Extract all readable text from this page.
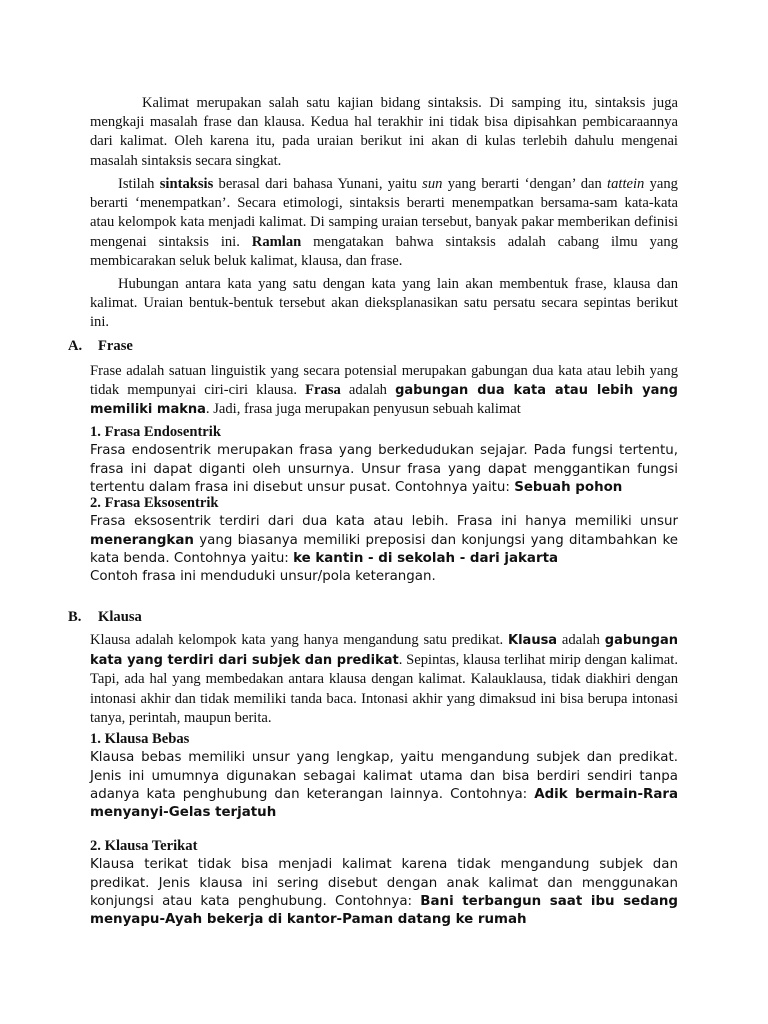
Kalimat merupakan salah satu kajian bidang sintaksis. Di samping itu, sintaksis juga mengkaji masalah frase dan klausa. Kedua hal terakhir ini tidak bisa dipisahkan pembicaraannya dari kalimat. Oleh karena itu, pada uraian berikut ini akan di kulas terlebih dahulu mengenai masalah sintaksis secara singkat.

Istilah sintaksis berasal dari bahasa Yunani, yaitu sun yang berarti ‘dengan’ dan tattein yang berarti ‘menempatkan’. Secara etimologi, sintaksis berarti menempatkan bersama-sam kata-kata atau kelompok kata menjadi kalimat. Di samping uraian tersebut, banyak pakar memberikan definisi mengenai sintaksis ini. Ramlan mengatakan bahwa sintaksis adalah cabang ilmu yang membicarakan seluk beluk kalimat, klausa, dan frase.

Hubungan antara kata yang satu dengan kata yang lain akan membentuk frase, klausa dan kalimat. Uraian bentuk-bentuk tersebut akan dieksplanasikan satu persatu secara sepintas berikut ini.

A. Frase

Frase adalah satuan linguistik yang secara potensial merupakan gabungan dua kata atau lebih yang tidak mempunyai ciri-ciri klausa. Frasa adalah gabungan dua kata atau lebih yang memiliki makna. Jadi, frasa juga merupakan penyusun sebuah kalimat

1. Frasa Endosentrik
Frasa endosentrik merupakan frasa yang berkedudukan sejajar. Pada fungsi tertentu, frasa ini dapat diganti oleh unsurnya. Unsur frasa yang dapat menggantikan fungsi tertentu dalam frasa ini disebut unsur pusat. Contohnya yaitu: Sebuah pohon
2. Frasa Eksosentrik
Frasa eksosentrik terdiri dari dua kata atau lebih. Frasa ini hanya memiliki unsur menerangkan yang biasanya memiliki preposisi dan konjungsi yang ditambahkan ke kata benda. Contohnya yaitu: ke kantin - di sekolah - dari jakarta
Contoh frasa ini menduduki unsur/pola keterangan.
B. Klausa

Klausa adalah kelompok kata yang hanya mengandung satu predikat. Klausa adalah gabungan kata yang terdiri dari subjek dan predikat. Sepintas, klausa terlihat mirip dengan kalimat. Tapi, ada hal yang membedakan antara klausa dengan kalimat. Kalauklausa, tidak diakhiri dengan intonasi akhir dan tidak memiliki tanda baca. Intonasi akhir yang dimaksud ini bisa berupa intonasi tanya, perintah, maupun berita.

1. Klausa Bebas
Klausa bebas memiliki unsur yang lengkap, yaitu mengandung subjek dan predikat. Jenis ini umumnya digunakan sebagai kalimat utama dan bisa berdiri sendiri tanpa adanya kata penghubung dan keterangan lainnya. Contohnya: Adik bermain-Rara menyanyi-Gelas terjatuh
2. Klausa Terikat
Klausa terikat tidak bisa menjadi kalimat karena tidak mengandung subjek dan predikat. Jenis klausa ini sering disebut dengan anak kalimat dan menggunakan konjungsi atau kata penghubung. Contohnya: Bani terbangun saat ibu sedang menyapu-Ayah bekerja di kantor-Paman datang ke rumah
